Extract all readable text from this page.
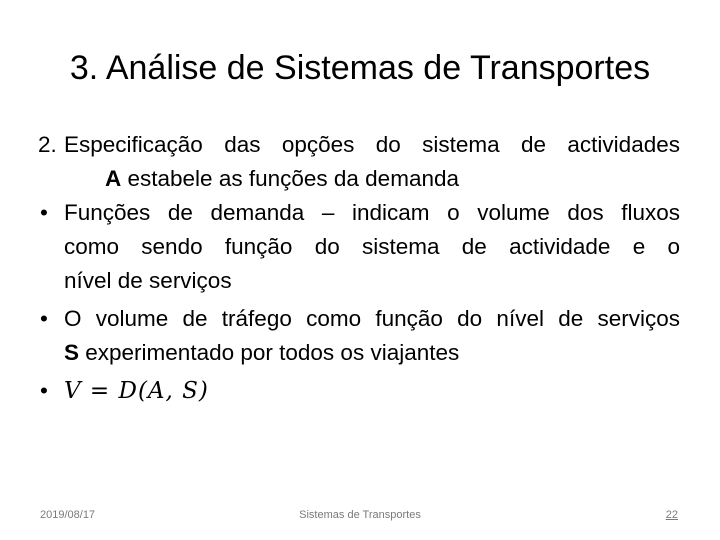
3. Análise de Sistemas de Transportes
2. Especificação das opções do sistema de actividades
A estabele as funções da demanda
• Funções de demanda – indicam o volume dos fluxos
como sendo função do sistema de actividade e o
nível de serviços
• O volume de tráfego como função do nível de serviços
S experimentado por todos os viajantes
• V = D(A, S)
2019/08/17	Sistemas de Transportes	22
